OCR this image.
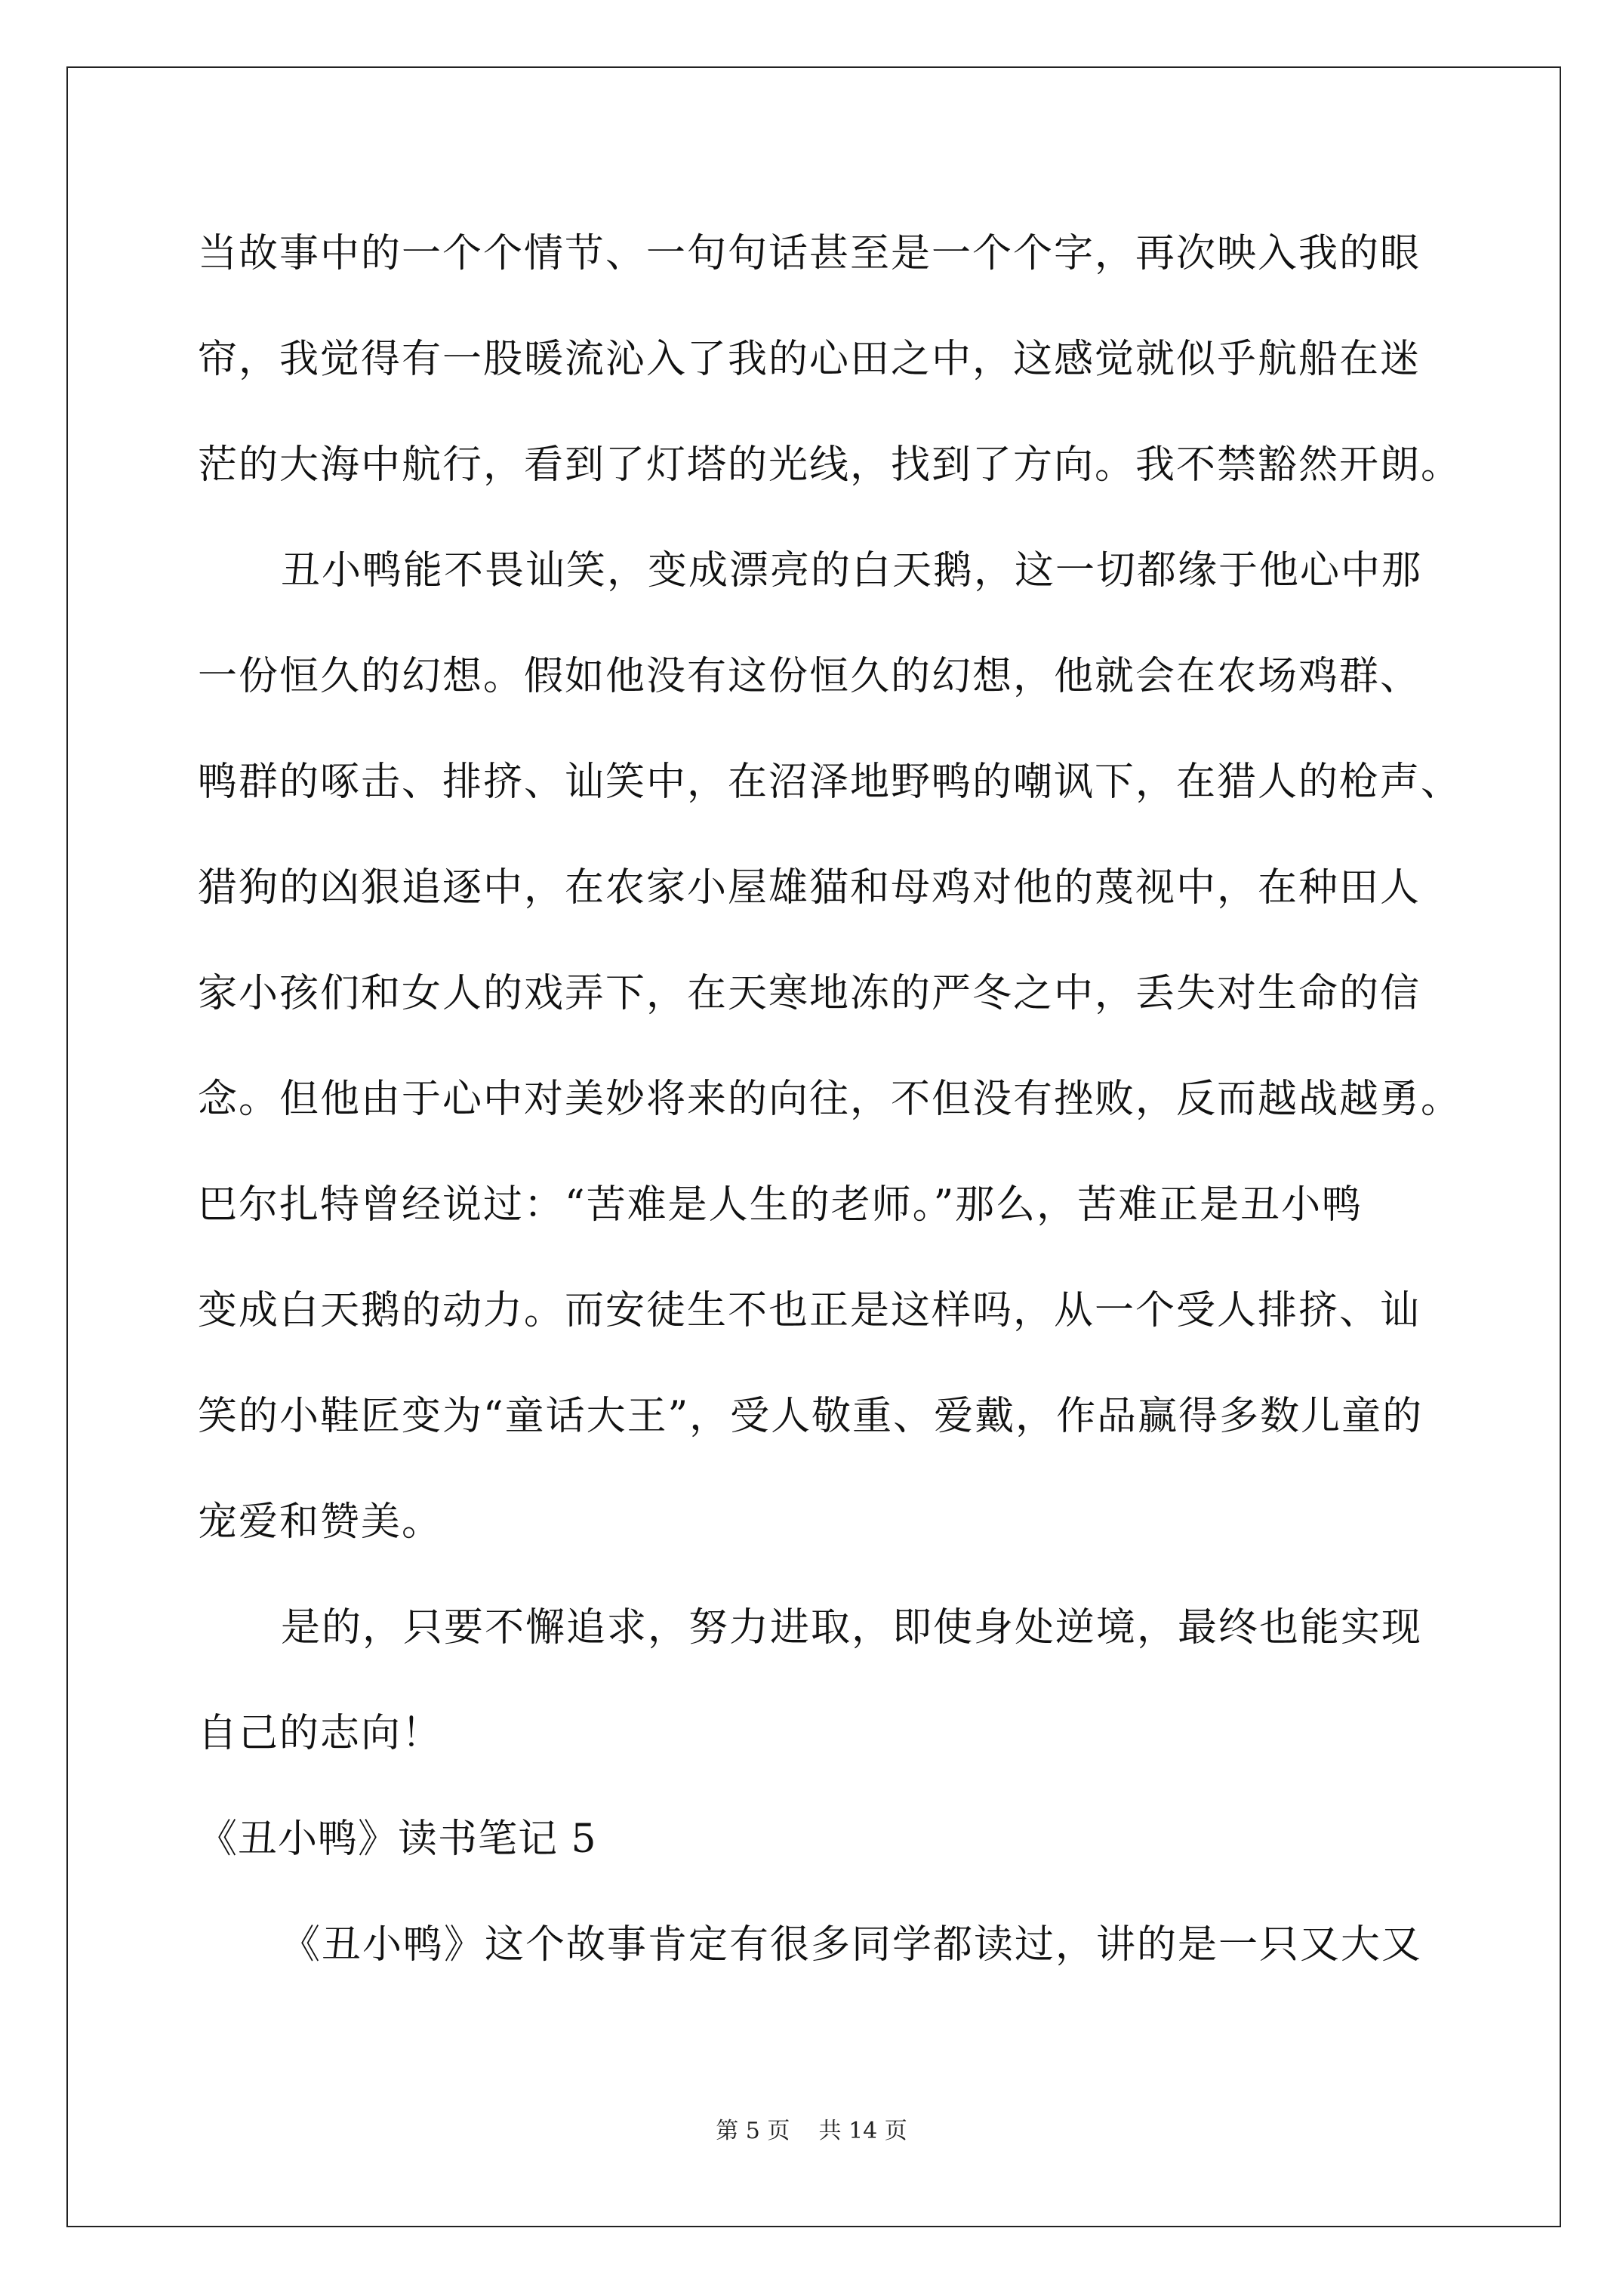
当故事中的一个个情节、一句句话甚至是一个个字，再次映入我的眼
帘，我觉得有一股暖流沁入了我的心田之中，这感觉就似乎航船在迷
茫的大海中航行，看到了灯塔的光线，找到了方向。我不禁豁然开朗。
丑小鸭能不畏讪笑，变成漂亮的白天鹅，这一切都缘于他心中那
一份恒久的幻想。假如他没有这份恒久的幻想，他就会在农场鸡群、
鸭群的啄击、排挤、讪笑中，在沼泽地野鸭的嘲讽下，在猎人的枪声、
猎狗的凶狠追逐中，在农家小屋雄猫和母鸡对他的蔑视中，在种田人
家小孩们和女人的戏弄下，在天寒地冻的严冬之中，丢失对生命的信
念。但他由于心中对美妙将来的向往，不但没有挫败，反而越战越勇。
巴尔扎特曾经说过：“苦难是人生的老师。”那么，苦难正是丑小鸭
变成白天鹅的动力。而安徒生不也正是这样吗，从一个受人排挤、讪
笑的小鞋匠变为“童话大王”，受人敬重、爱戴，作品赢得多数儿童的
宠爱和赞美。
是的，只要不懈追求，努力进取，即使身处逆境，最终也能实现
自己的志向！
《丑小鸭》读书笔记 5
《丑小鸭》这个故事肯定有很多同学都读过，讲的是一只又大又
第 5 页 共 14 页
